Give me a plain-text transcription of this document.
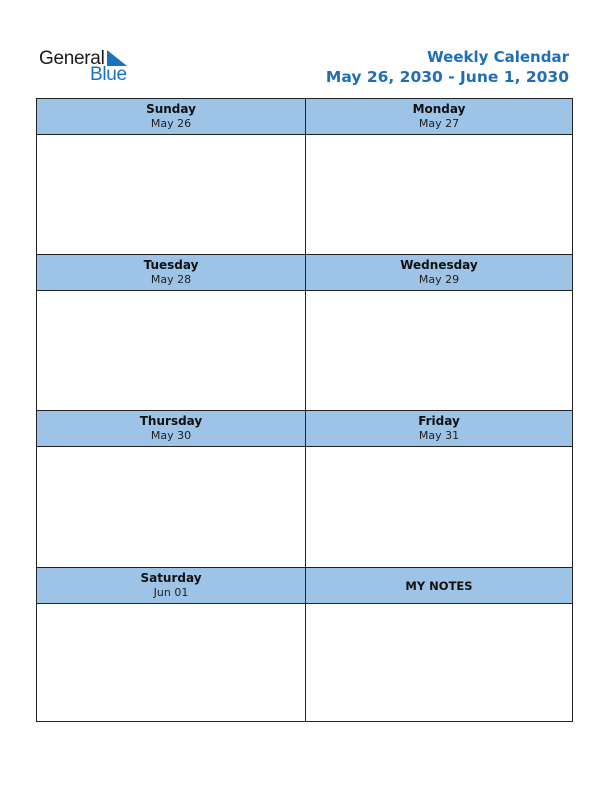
General
Blue
Weekly Calendar
May 26, 2030 - June 1, 2030
Sunday
May 26
Monday
May 27
Tuesday
May 28
Wednesday
May 29
Thursday
May 30
Friday
May 31
Saturday
Jun 01	MY NOTES
